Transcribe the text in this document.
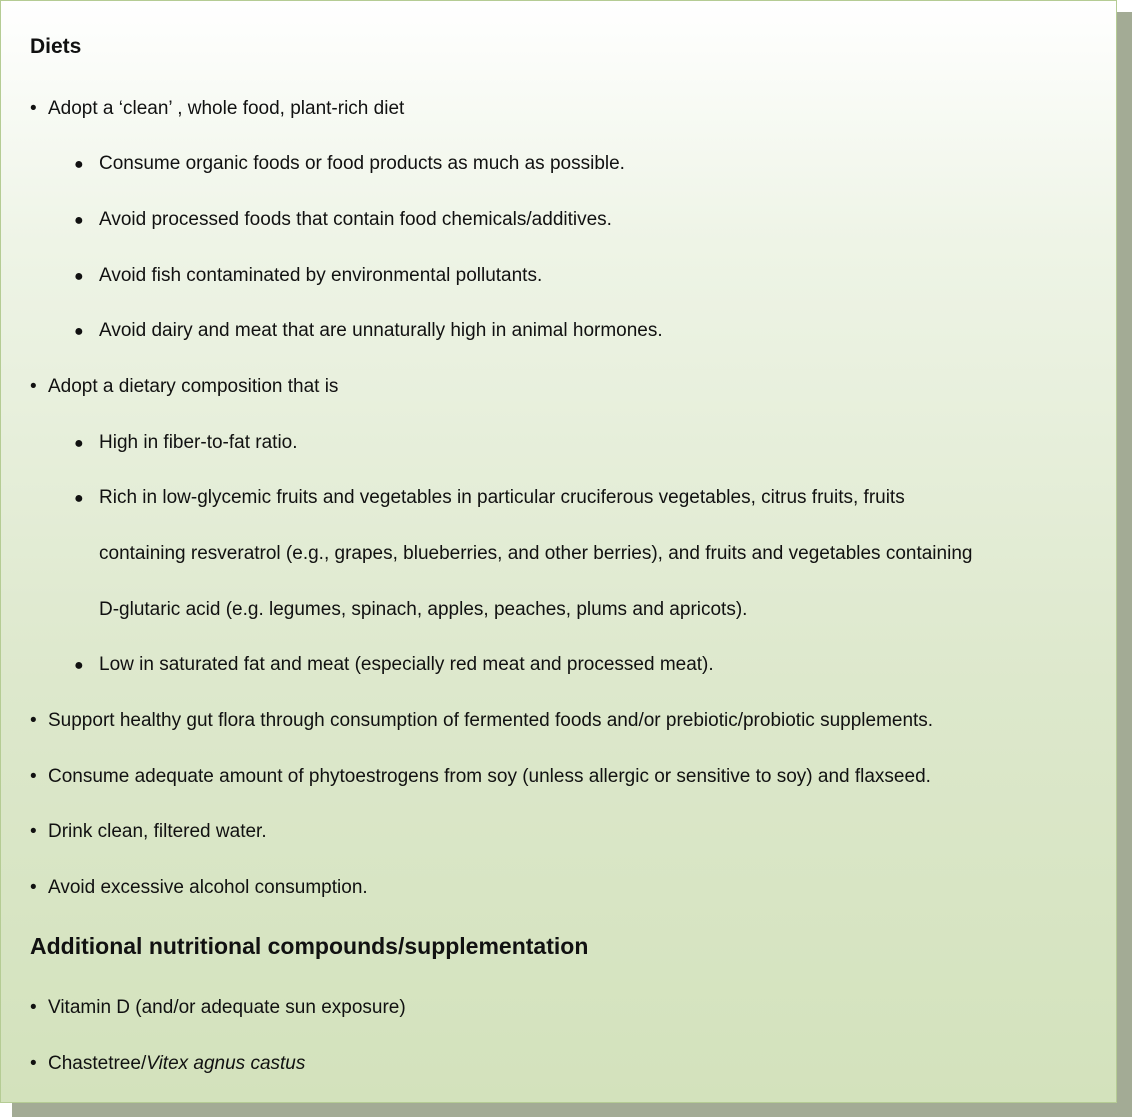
Diets
• Adopt a ‘clean’ , whole food, plant-rich diet
● Consume organic foods or food products as much as possible.
● Avoid processed foods that contain food chemicals/additives.
● Avoid fish contaminated by environmental pollutants.
● Avoid dairy and meat that are unnaturally high in animal hormones.
• Adopt a dietary composition that is
● High in fiber-to-fat ratio.
● Rich in low-glycemic fruits and vegetables in particular cruciferous vegetables, citrus fruits, fruits
containing resveratrol (e.g., grapes, blueberries, and other berries), and fruits and vegetables containing
D-glutaric acid (e.g. legumes, spinach, apples, peaches, plums and apricots).
● Low in saturated fat and meat (especially red meat and processed meat).
• Support healthy gut flora through consumption of fermented foods and/or prebiotic/probiotic supplements.
• Consume adequate amount of phytoestrogens from soy (unless allergic or sensitive to soy) and flaxseed.
• Drink clean, filtered water.
• Avoid excessive alcohol consumption.
Additional nutritional compounds/supplementation
• Vitamin D (and/or adequate sun exposure)
• Chastetree/Vitex agnus castus
